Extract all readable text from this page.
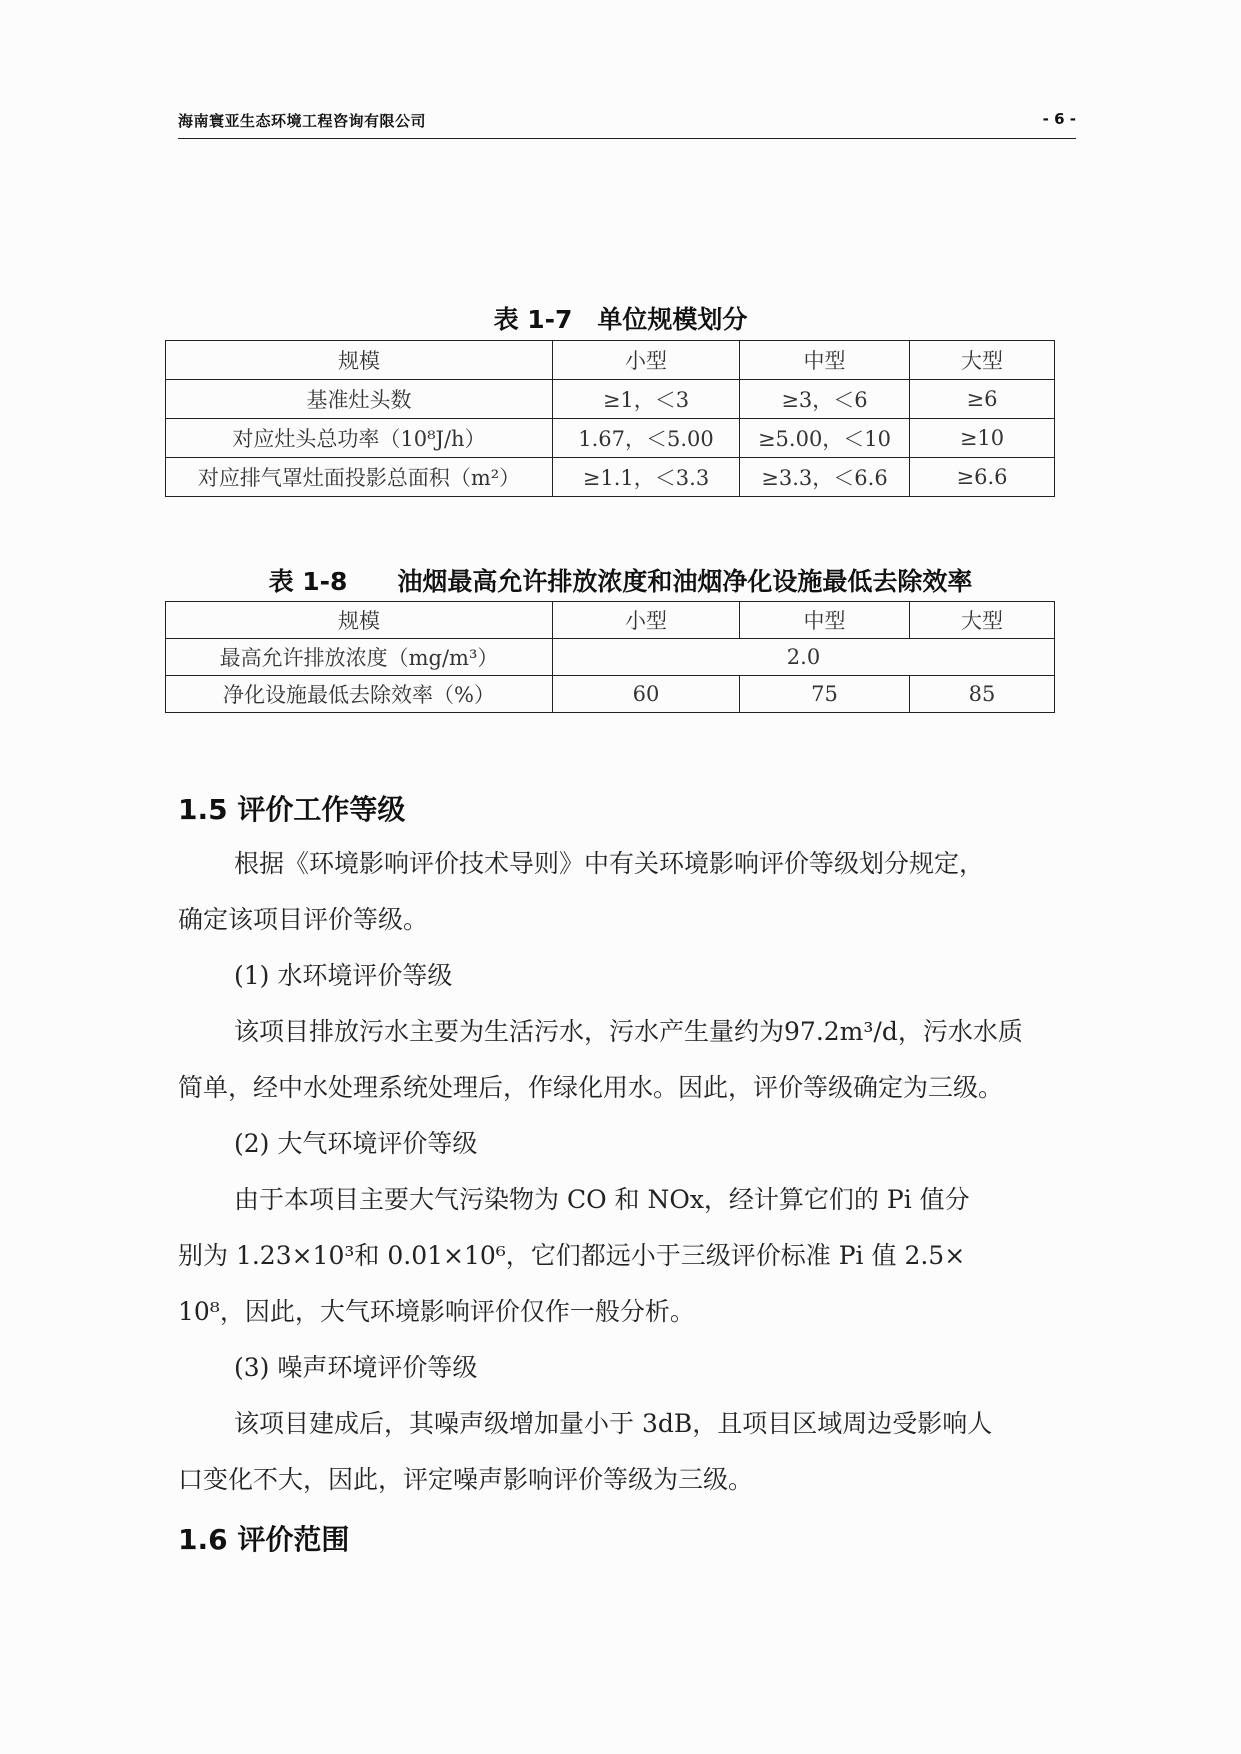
海南寰亚生态环境工程咨询有限公司	- 6 -
表 1-7　单位规模划分
规模	小型	中型	大型
基准灶头数	≥1，＜3	≥3，＜6	≥6
对应灶头总功率（10⁸J/h）	1.67，＜5.00	≥5.00，＜10	≥10
对应排气罩灶面投影总面积（m²）	≥1.1，＜3.3	≥3.3，＜6.6	≥6.6
表 1-8　　油烟最高允许排放浓度和油烟净化设施最低去除效率
规模	小型	中型	大型
最高允许排放浓度（mg/m³）	2.0		
净化设施最低去除效率（%）	60	75	85
1.5 评价工作等级
根据《环境影响评价技术导则》中有关环境影响评价等级划分规定，
确定该项目评价等级。
(1) 水环境评价等级
该项目排放污水主要为生活污水，污水产生量约为97.2m³/d，污水水质
简单，经中水处理系统处理后，作绿化用水。因此，评价等级确定为三级。
(2) 大气环境评价等级
由于本项目主要大气污染物为 CO 和 NOx，经计算它们的 Pi 值分
别为 1.23×10³和 0.01×10⁶，它们都远小于三级评价标准 Pi 值 2.5×
10⁸，因此，大气环境影响评价仅作一般分析。
(3) 噪声环境评价等级
该项目建成后，其噪声级增加量小于 3dB，且项目区域周边受影响人
口变化不大，因此，评定噪声影响评价等级为三级。
1.6 评价范围
